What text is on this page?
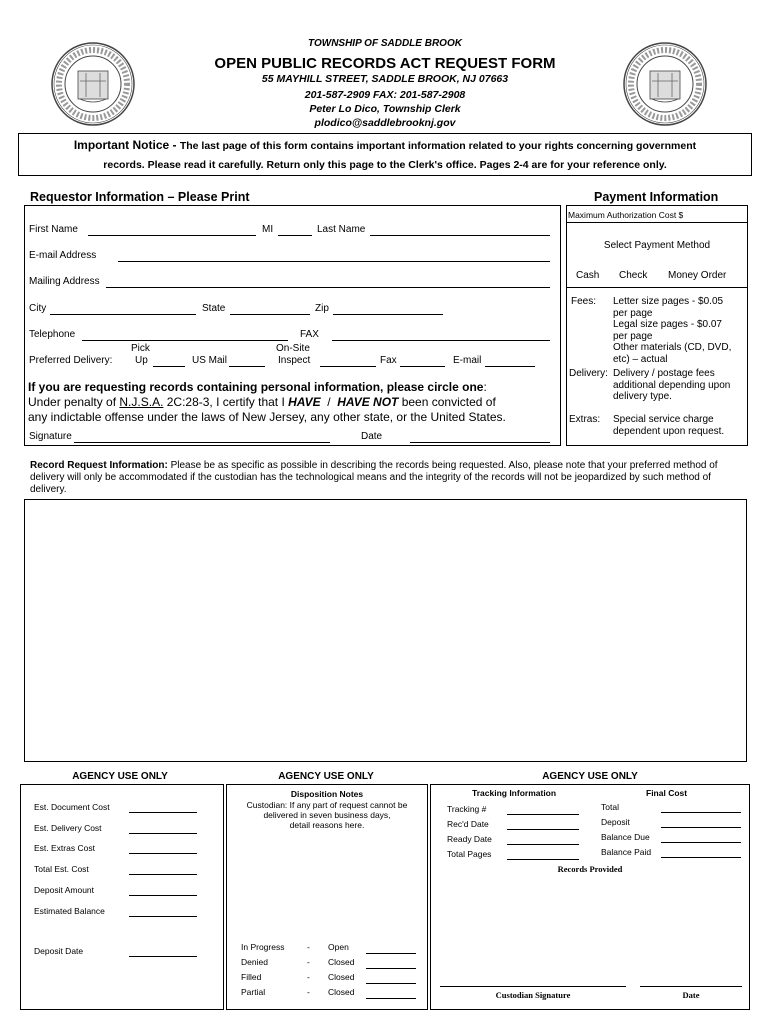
TOWNSHIP OF SADDLE BROOK
OPEN PUBLIC RECORDS ACT REQUEST FORM
55 MAYHILL STREET, SADDLE BROOK, NJ 07663
201-587-2909 FAX: 201-587-2908
Peter Lo Dico, Township Clerk
plodico@saddlebrooknj.gov
Important Notice - The last page of this form contains important information related to your rights concerning government
records. Please read it carefully. Return only this page to the Clerk's office. Pages 2-4 are for your reference only.
Requestor Information – Please Print	Payment Information
First Name	MI	Last Name
E-mail Address
Mailing Address
City	State	Zip
Telephone	FAX
Pick	On-Site
Preferred Delivery: Up	US Mail	Inspect	Fax	E-mail
If you are requesting records containing personal information, please circle one:
Under penalty of N.J.S.A. 2C:28-3, I certify that I HAVE  /  HAVE NOT been convicted of
any indictable offense under the laws of New Jersey, any other state, or the United States.
Signature	Date
Maximum Authorization Cost $
Select Payment Method
Cash Check Money Order
Fees: Letter size pages - $0.05
per page
Legal size pages - $0.07
per page
Other materials (CD, DVD,
etc) – actual
Delivery: Delivery / postage fees
additional depending upon
delivery type.
Extras: Special service charge
dependent upon request.
Record Request Information: Please be as specific as possible in describing the records being requested. Also, please note that your preferred method of delivery will only be accommodated if the custodian has the technological means and the integrity of the records will not be jeopardized by such method of delivery.
AGENCY USE ONLY	AGENCY USE ONLY	AGENCY USE ONLY
Est. Document Cost
Est. Delivery Cost
Est. Extras Cost
Total Est. Cost
Deposit Amount
Estimated Balance
Deposit Date
Disposition Notes
Custodian: If any part of request cannot be
delivered in seven business days,
detail reasons here.
In Progress	- Open
Denied	- Closed
Filled	- Closed
Partial	- Closed
Tracking Information	Final Cost
Tracking #
Rec'd Date
Ready Date
Total Pages
Total
Deposit
Balance Due
Balance Paid
Records Provided
Custodian Signature	Date
